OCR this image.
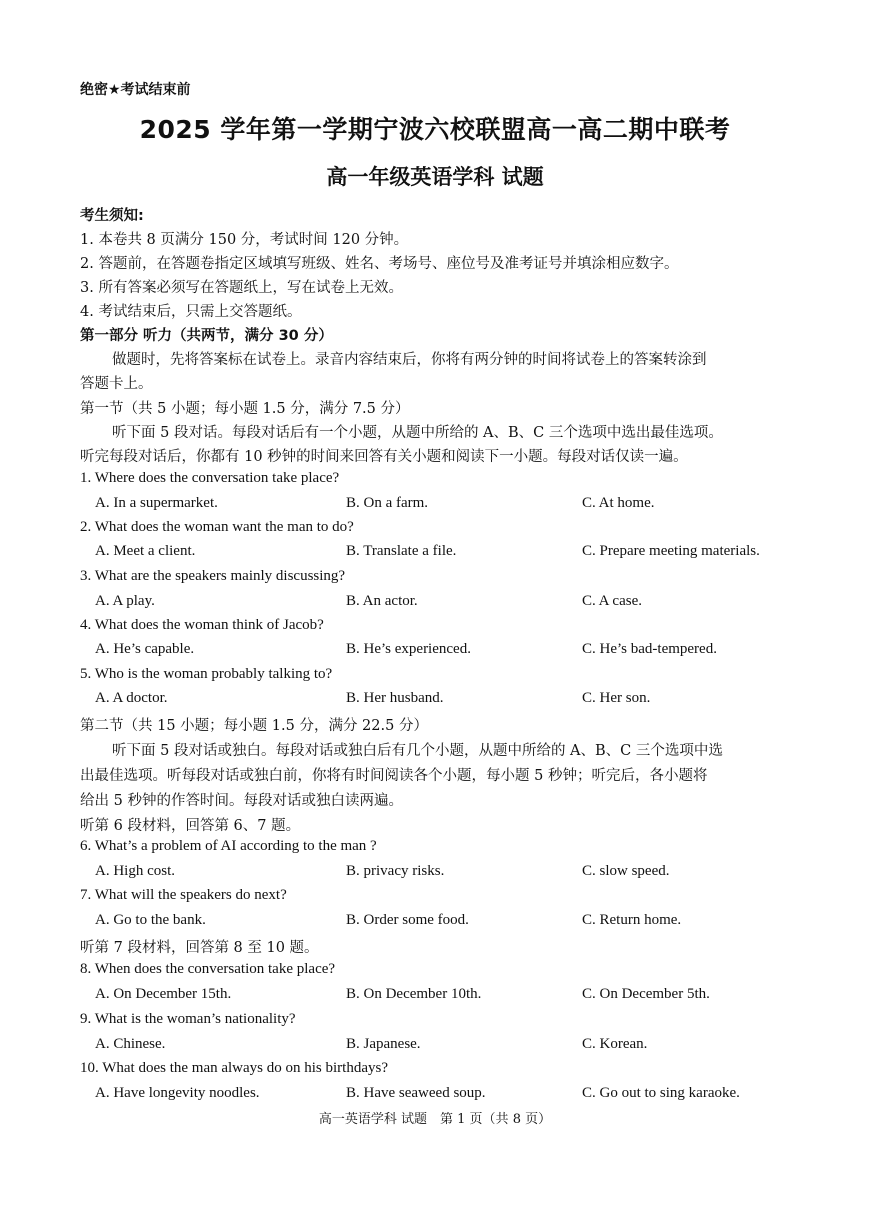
绝密★考试结束前
2025 学年第一学期宁波六校联盟高一高二期中联考
高一年级英语学科 试题
考生须知:
1. 本卷共 8 页满分 150 分，考试时间 120 分钟。
2. 答题前，在答题卷指定区域填写班级、姓名、考场号、座位号及准考证号并填涂相应数字。
3. 所有答案必须写在答题纸上，写在试卷上无效。
4. 考试结束后，只需上交答题纸。
第一部分 听力（共两节，满分 30 分）
做题时，先将答案标在试卷上。录音内容结束后，你将有两分钟的时间将试卷上的答案转涂到
答题卡上。
第一节（共 5 小题；每小题 1.5 分，满分 7.5 分）
听下面 5 段对话。每段对话后有一个小题，从题中所给的 A、B、C 三个选项中选出最佳选项。
听完每段对话后，你都有 10 秒钟的时间来回答有关小题和阅读下一小题。每段对话仅读一遍。
1. Where does the conversation take place?
A. In a supermarket.	B. On a farm.	C. At home.
2. What does the woman want the man to do?
A. Meet a client.	B. Translate a file.	C. Prepare meeting materials.
3. What are the speakers mainly discussing?
A. A play.	B. An actor.	C. A case.
4. What does the woman think of Jacob?
A. He’s capable.	B. He’s experienced.	C. He’s bad-tempered.
5. Who is the woman probably talking to?
A. A doctor.	B. Her husband.	C. Her son.
第二节（共 15 小题；每小题 1.5 分，满分 22.5 分）
听下面 5 段对话或独白。每段对话或独白后有几个小题，从题中所给的 A、B、C 三个选项中选
出最佳选项。听每段对话或独白前，你将有时间阅读各个小题，每小题 5 秒钟；听完后，各小题将
给出 5 秒钟的作答时间。每段对话或独白读两遍。
听第 6 段材料，回答第 6、7 题。
6. What’s a problem of AI according to the man ?
A. High cost.	B. privacy risks.	C. slow speed.
7. What will the speakers do next?
A. Go to the bank.	B. Order some food.	C. Return home.
听第 7 段材料，回答第 8 至 10 题。
8. When does the conversation take place?
A. On December 15th.	B. On December 10th.	C. On December 5th.
9. What is the woman’s nationality?
A. Chinese.	B. Japanese.	C. Korean.
10. What does the man always do on his birthdays?
A. Have longevity noodles.	B. Have seaweed soup.	C. Go out to sing karaoke.
高一英语学科 试题　第 1 页（共 8 页）
